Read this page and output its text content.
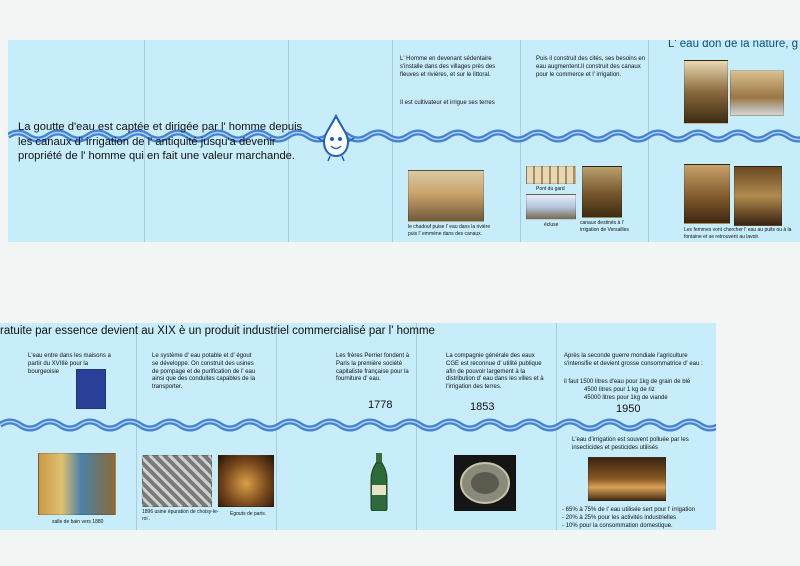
L' eau don de la nature, g
La goutte d'eau est captée et dirigée par l' homme depuis les canaux d' irrigation de l' antiquité jusqu'a devenir propriété de l' homme qui en fait une valeur marchande.
L' Homme en devenant sédentaire s'installe dans des villages près des fleuves et rivières, et sur le littoral.
Il est cultivateur et irrigue ses terres
Puis il construit des cités, ses besoins en eau augmentent.Il construit des canaux pour le commerce et l' irrigation.
le chadouf puise l' eau dans la rivière puis l' emmène dans des canaux.
Pont du gard
écluse	canaux destinés à l' irrigation de Versailles	Les femmes vont chercher l' eau au puits ou à la fontaine et se retrouvent au lavoir.
ratuite par essence devient au XIX è un produit industriel commercialisé par l' homme
L'eau entre dans les maisons a partir du XVIIIè pour la bourgeoisie
Le système d' eau potable et d' égout se développe. On construit des usines de pompage et de purification de l' eau ainsi que des conduites capables de la transporter.
Les frères Perrier fondent à Paris la première société capitaliste française pour la fourniture d' eau.
1778
La compagnie générale des eaux CGE est reconnue d' utilité publique afin de pouvoir largement à la distribution d' eau dans les villes et à l'irrigation des terres.
1853
Après la seconde guerre mondiale l'agriculture s'intensifie et devient grosse consommatrice d' eau :
il faut 1500 litres d'eau pour 1kg de grain de blé
4500 litres pour 1 kg de riz
45000 litres pour 1kg de viande
1950
L'eau d'irrigation est souvent polluée par les insecticides et pesticides utilisés
- 65% à 75% de l' eau utilisée sert pour l' irrigation
- 20% à 25% pour les activités industrielles
- 10% pour la consommation domestique.
salle de bain vers 1880
1896 usine épuration de choisy-le-roi .
Egouts de paris.
